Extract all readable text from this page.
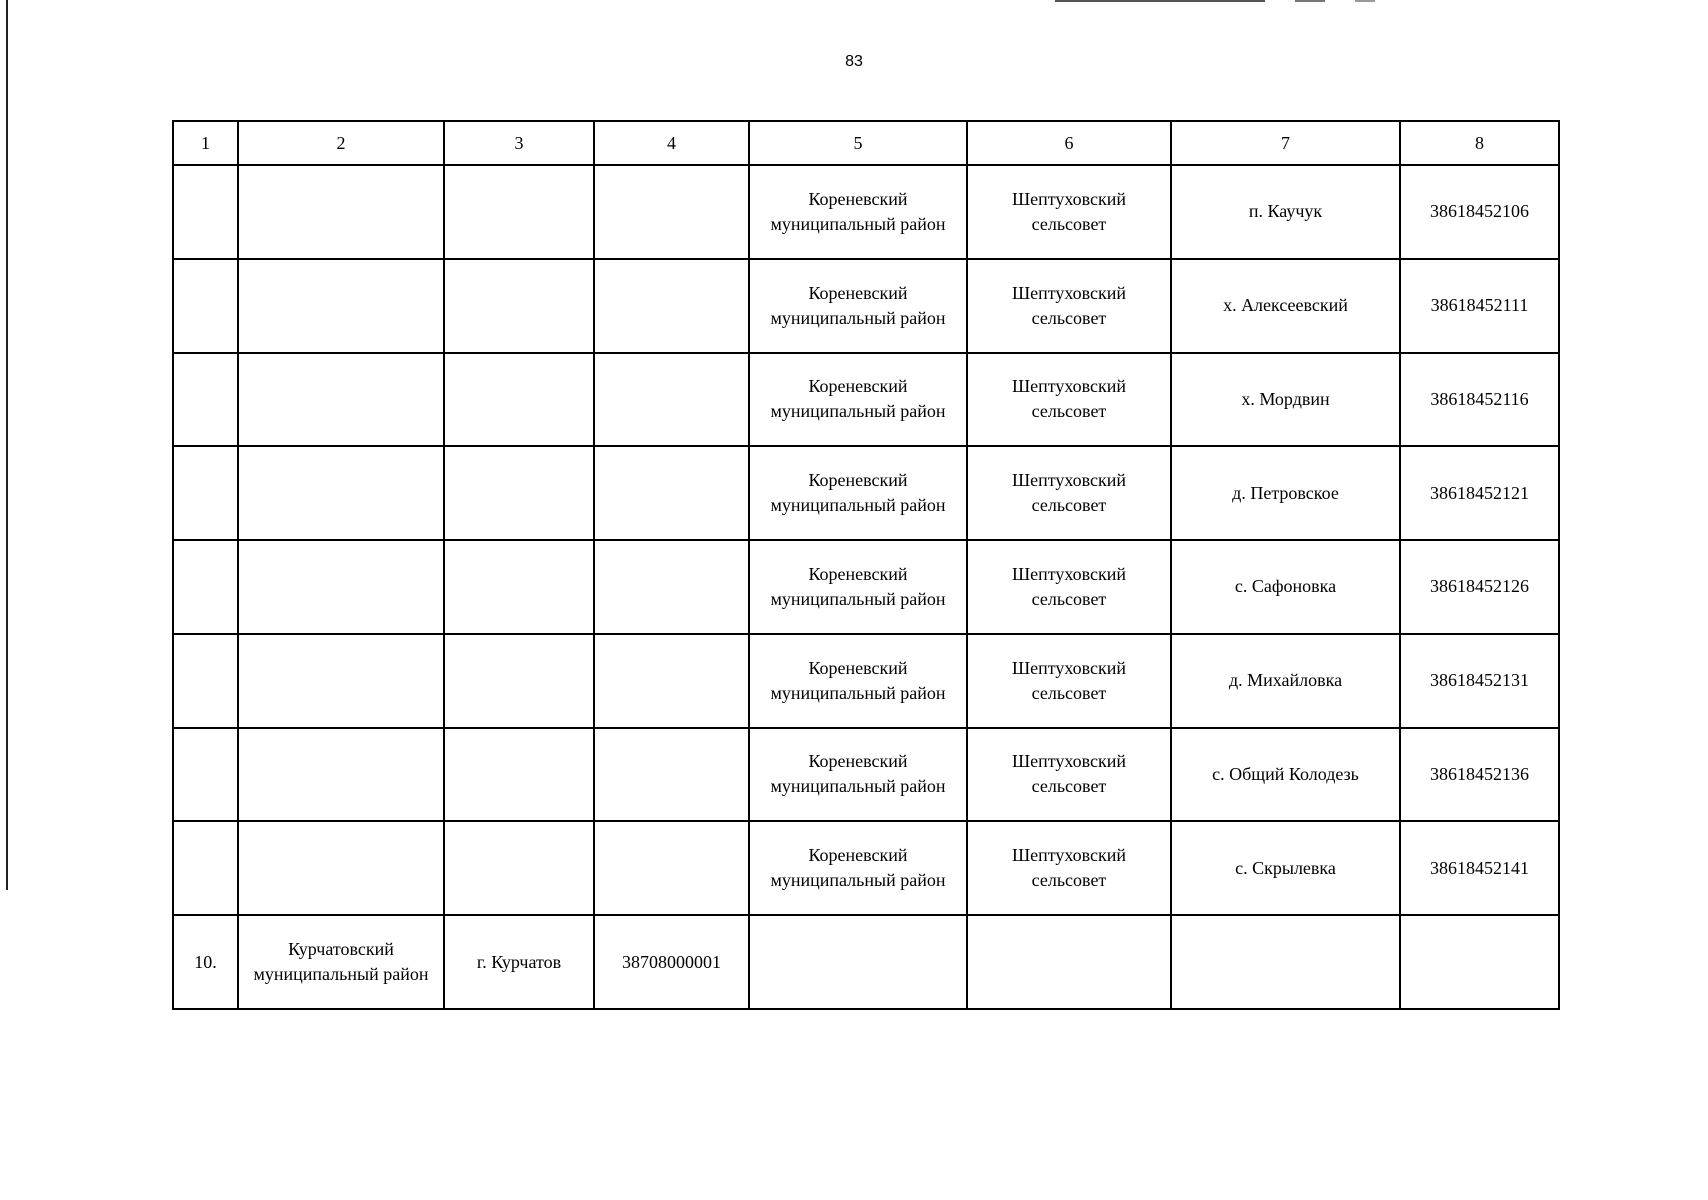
83
1	2	3	4	5	6	7	8
				Кореневский муниципальный район	Шептуховский сельсовет	п. Каучук	38618452106
				Кореневский муниципальный район	Шептуховский сельсовет	х. Алексеевский	38618452111
				Кореневский муниципальный район	Шептуховский сельсовет	х. Мордвин	38618452116
				Кореневский муниципальный район	Шептуховский сельсовет	д. Петровское	38618452121
				Кореневский муниципальный район	Шептуховский сельсовет	с. Сафоновка	38618452126
				Кореневский муниципальный район	Шептуховский сельсовет	д. Михайловка	38618452131
				Кореневский муниципальный район	Шептуховский сельсовет	с. Общий Колодезь	38618452136
				Кореневский муниципальный район	Шептуховский сельсовет	с. Скрылевка	38618452141
10.	Курчатовский муниципальный район	г. Курчатов	38708000001				
